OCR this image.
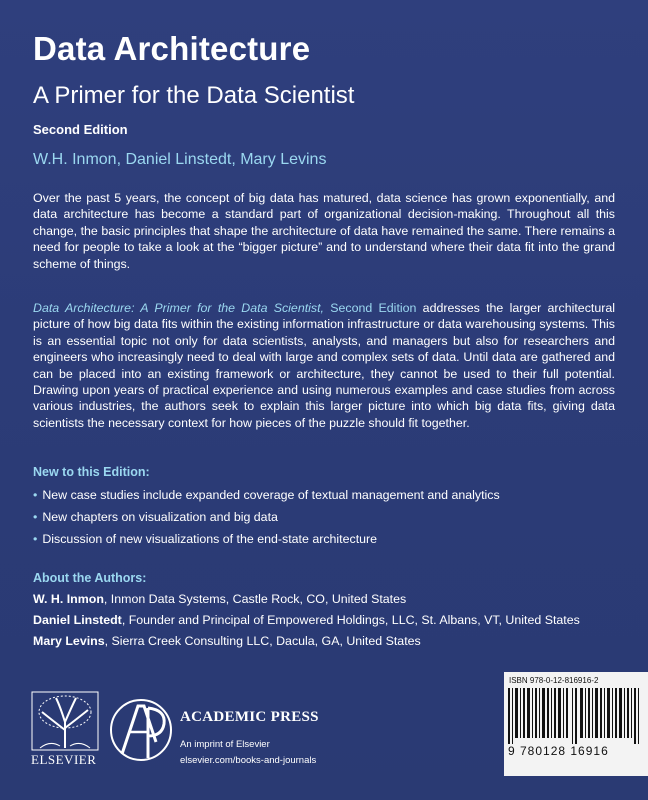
Data Architecture
A Primer for the Data Scientist
Second Edition
W.H. Inmon, Daniel Linstedt, Mary Levins
Over the past 5 years, the concept of big data has matured, data science has grown exponentially, and data architecture has become a standard part of organizational decision-making. Throughout all this change, the basic principles that shape the architecture of data have remained the same. There remains a need for people to take a look at the “bigger picture” and to understand where their data fit into the grand scheme of things.
Data Architecture: A Primer for the Data Scientist, Second Edition addresses the larger architectural picture of how big data fits within the existing information infrastructure or data warehousing systems. This is an essential topic not only for data scientists, analysts, and managers but also for researchers and engineers who increasingly need to deal with large and complex sets of data. Until data are gathered and can be placed into an existing framework or architecture, they cannot be used to their full potential. Drawing upon years of practical experience and using numerous examples and case studies from across various industries, the authors seek to explain this larger picture into which big data fits, giving data scientists the necessary context for how pieces of the puzzle should fit together.
New to this Edition:
• New case studies include expanded coverage of textual management and analytics
• New chapters on visualization and big data
• Discussion of new visualizations of the end-state architecture
About the Authors:
W. H. Inmon, Inmon Data Systems, Castle Rock, CO, United States
Daniel Linstedt, Founder and Principal of Empowered Holdings, LLC, St. Albans, VT, United States
Mary Levins, Sierra Creek Consulting LLC, Dacula, GA, United States
ELSEVIER
ACADEMIC PRESS
An imprint of Elsevier
elsevier.com/books-and-journals
ISBN 978-0-12-816916-2
9 780128 16916
